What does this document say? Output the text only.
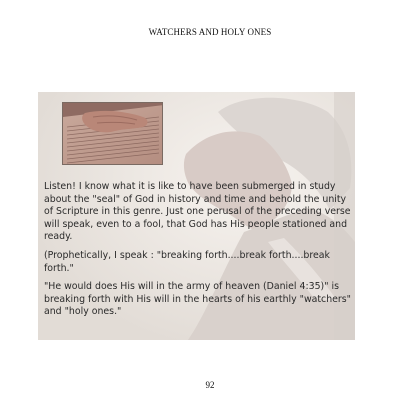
WATCHERS AND HOLY ONES

Listen! I know what it is like to have been submerged in study about the "seal" of God in history and time and behold the unity of Scripture in this genre. Just one perusal of the preceding verse will speak, even to a fool, that God has His people stationed and ready.

(Prophetically, I speak : "breaking forth....break forth....break forth."

"He would does His will in the army of heaven (Daniel 4:35)" is breaking forth with His will in the hearts of his earthly "watchers" and "holy ones."

92
